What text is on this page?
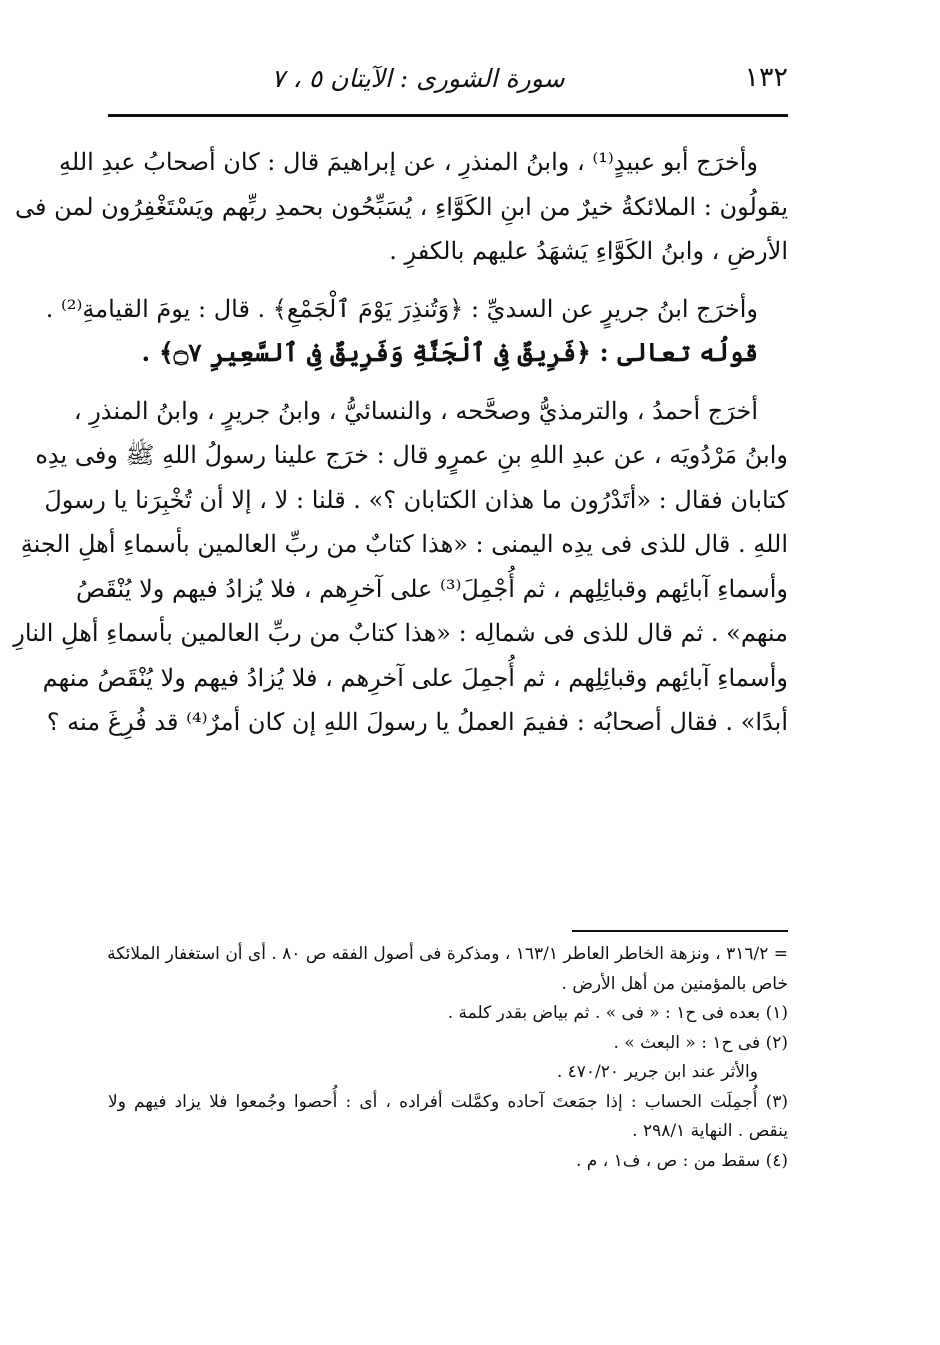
١٣٢
سورة الشورى : الآيتان ٥ ، ٧
وأخرَج أبو عبيدٍ⁽¹⁾ ، وابنُ المنذرِ ، عن إبراهيمَ قال : كان أصحابُ عبدِ اللهِ
يقولُون : الملائكةُ خيرٌ من ابنِ الكَوَّاءِ ، يُسَبِّحُون بحمدِ ربِّهم ويَسْتَغْفِرُون لمن فى
الأرضِ ، وابنُ الكَوَّاءِ يَشهَدُ عليهم بالكفرِ .
وأخرَج ابنُ جريرٍ عن السديِّ : ﴿وَتُنذِرَ يَوْمَ ٱلْجَمْعِ﴾ . قال : يومَ القيامةِ⁽²⁾ .
قولُه تعالى : ﴿فَرِيقٌ فِى ٱلْجَنَّةِ وَفَرِيقٌ فِى ٱلسَّعِيرِ ۝٧﴾ .
أخرَج أحمدُ ، والترمذيُّ وصحَّحه ، والنسائيُّ ، وابنُ جريرٍ ، وابنُ المنذرِ ،
وابنُ مَرْدُويَه ، عن عبدِ اللهِ بنِ عمرٍو قال : خرَج علينا رسولُ اللهِ ﷺ وفى يدِه
كتابان فقال : «أتَدْرُون ما هذان الكتابان ؟» . قلنا : لا ، إلا أن تُخْبِرَنا يا رسولَ
اللهِ . قال للذى فى يدِه اليمنى : «هذا كتابٌ من ربِّ العالمين بأسماءِ أهلِ الجنةِ
وأسماءِ آبائِهم وقبائِلِهم ، ثم أُجْمِلَ⁽³⁾ على آخرِهم ، فلا يُزادُ فيهم ولا يُنْقَصُ
منهم» . ثم قال للذى فى شمالِه : «هذا كتابٌ من ربِّ العالمين بأسماءِ أهلِ النارِ
وأسماءِ آبائِهم وقبائِلِهم ، ثم أُجمِلَ على آخرِهم ، فلا يُزادُ فيهم ولا يُنْقَصُ منهم
أبدًا» . فقال أصحابُه : ففيمَ العملُ يا رسولَ اللهِ إن كان أمرٌ⁽⁴⁾ قد فُرِغَ منه ؟
= ٣١٦/٢ ، ونزهة الخاطر العاطر ١٦٣/١ ، ومذكرة فى أصول الفقه ص ٨٠ . أى أن استغفار الملائكة
خاص بالمؤمنين من أهل الأرض .
(١) بعده فى ح١ : « فى » . ثم بياض بقدر كلمة .
(٢) فى ح١ : « البعث » .
والأثر عند ابن جرير ٤٧٠/٢٠ .
(٣) أُجمِلَت الحساب : إذا جمَعتَ آحاده وكمَّلت أفراده ، أى : أُحصوا وجُمعوا فلا يزاد فيهم ولا
ينقص . النهاية ٢٩٨/١ .
(٤) سقط من : ص ، ف١ ، م .
